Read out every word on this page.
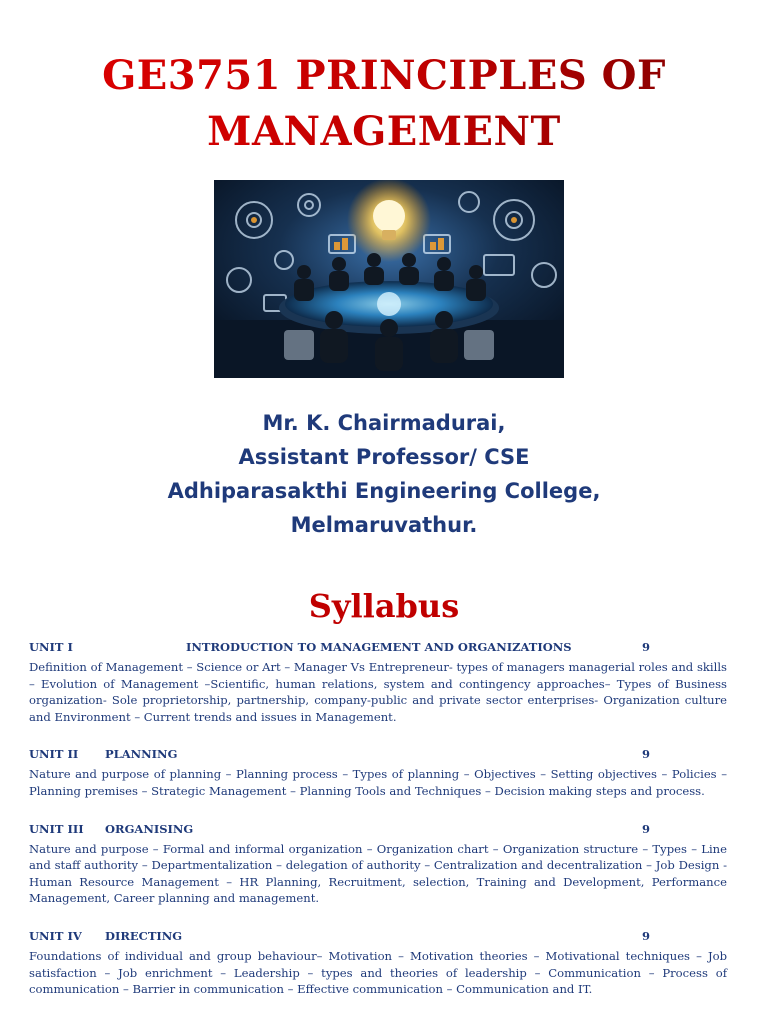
GE3751 PRINCIPLES OF
MANAGEMENT
Mr. K. Chairmadurai,
Assistant Professor/ CSE
Adhiparasakthi Engineering College,
Melmaruvathur.
Syllabus
UNIT I	INTRODUCTION TO MANAGEMENT AND ORGANIZATIONS	9

Definition of Management – Science or Art – Manager Vs Entrepreneur- types of managers managerial roles and skills – Evolution of Management –Scientific, human relations, system and contingency approaches– Types of Business organization- Sole proprietorship, partnership, company-public and private sector enterprises- Organization culture and Environment – Current trends and issues in Management.

UNIT II PLANNING	9

Nature and purpose of planning – Planning process – Types of planning – Objectives – Setting objectives – Policies – Planning premises – Strategic Management – Planning Tools and Techniques – Decision making steps and process.

UNIT III ORGANISING	9

Nature and purpose – Formal and informal organization – Organization chart – Organization structure – Types – Line and staff authority – Departmentalization – delegation of authority – Centralization and decentralization – Job Design - Human Resource Management – HR Planning, Recruitment, selection, Training and Development, Performance Management, Career planning and management.

UNIT IV DIRECTING	9

Foundations of individual and group behaviour– Motivation – Motivation theories – Motivational techniques – Job satisfaction – Job enrichment – Leadership – types and theories of leadership – Communication – Process of communication – Barrier in communication – Effective communication – Communication and IT.
